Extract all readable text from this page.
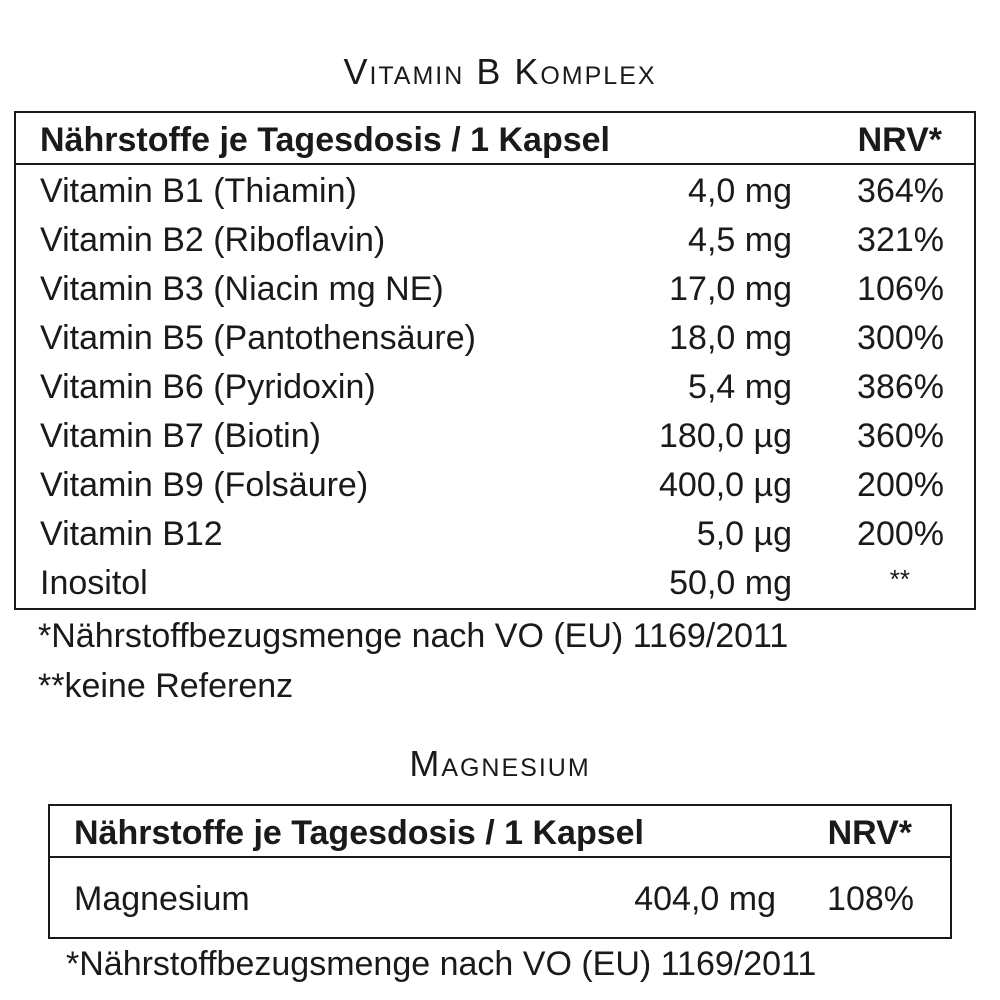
Vitamin B Komplex
Nährstoffe je Tagesdosis / 1 Kapsel	NRV*
Vitamin B1 (Thiamin)	4,0 mg 364%
Vitamin B2 (Riboflavin)	4,5 mg 321%
Vitamin B3 (Niacin mg NE)	17,0 mg 106%
Vitamin B5 (Pantothensäure)	18,0 mg 300%
Vitamin B6 (Pyridoxin)	5,4 mg 386%
Vitamin B7 (Biotin)	180,0 µg 360%
Vitamin B9 (Folsäure)	400,0 µg 200%
Vitamin B12	5,0 µg 200%
Inositol	50,0 mg	**
*Nährstoffbezugsmenge nach VO (EU) 1169/2011
**keine Referenz
Magnesium
Nährstoffe je Tagesdosis / 1 Kapsel	NRV*
Magnesium	404,0 mg 108%
*Nährstoffbezugsmenge nach VO (EU) 1169/2011
